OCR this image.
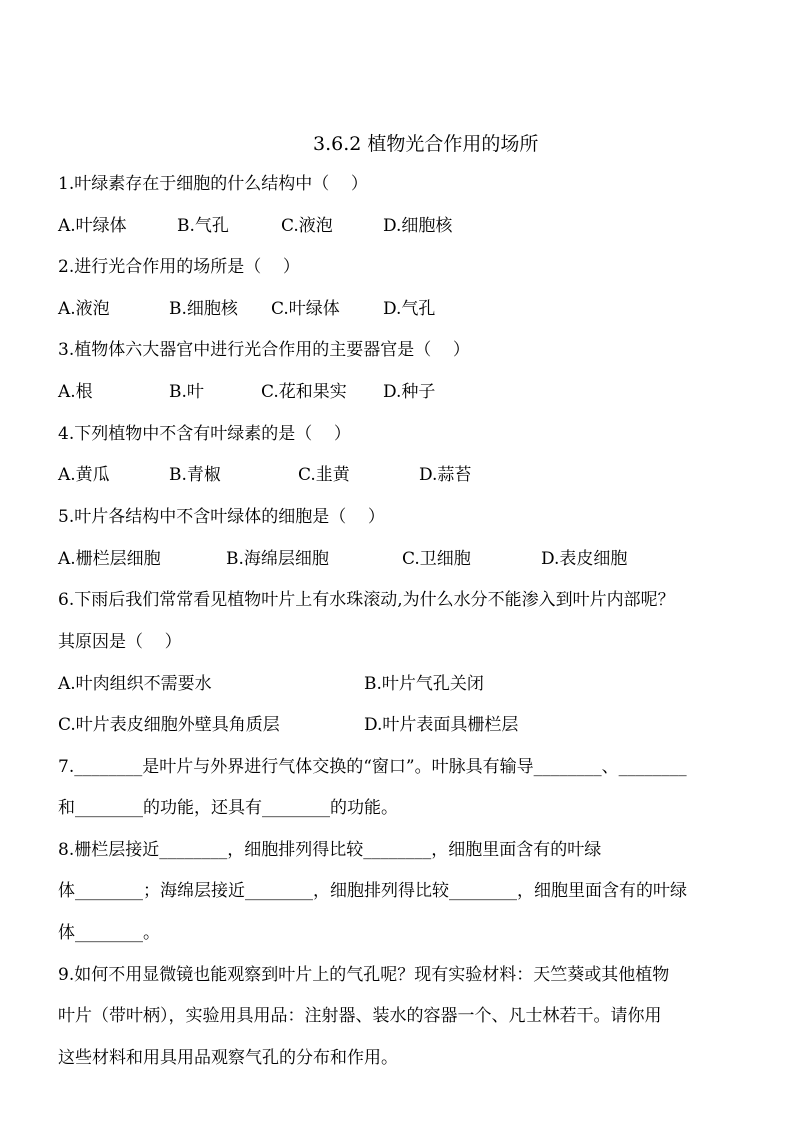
3.6.2 植物光合作用的场所
1.叶绿素存在于细胞的什么结构中（    ）
A.叶绿体	B.气孔	C.液泡	D.细胞核
2.进行光合作用的场所是（    ）
A.液泡	B.细胞核 C.叶绿体	D.气孔
3.植物体六大器官中进行光合作用的主要器官是（    ）
A.根	B.叶	C.花和果实 D.种子
4.下列植物中不含有叶绿素的是（    ）
A.黄瓜	B.青椒	C.韭黄	D.蒜苔
5.叶片各结构中不含叶绿体的细胞是（    ）
A.栅栏层细胞	B.海绵层细胞	C.卫细胞	D.表皮细胞
6.下雨后我们常常看见植物叶片上有水珠滚动,为什么水分不能渗入到叶片内部呢？
其原因是（    ）
A.叶肉组织不需要水	B.叶片气孔关闭
C.叶片表皮细胞外壁具角质层	D.叶片表面具栅栏层
7.________是叶片与外界进行气体交换的“窗口”。叶脉具有输导________、________
和________的功能，还具有________的功能。
8.栅栏层接近________，细胞排列得比较________，细胞里面含有的叶绿
体________；海绵层接近________，细胞排列得比较________，细胞里面含有的叶绿
体________。
9.如何不用显微镜也能观察到叶片上的气孔呢？现有实验材料：天竺葵或其他植物
叶片（带叶柄），实验用具用品：注射器、装水的容器一个、凡士林若干。请你用
这些材料和用具用品观察气孔的分布和作用。
